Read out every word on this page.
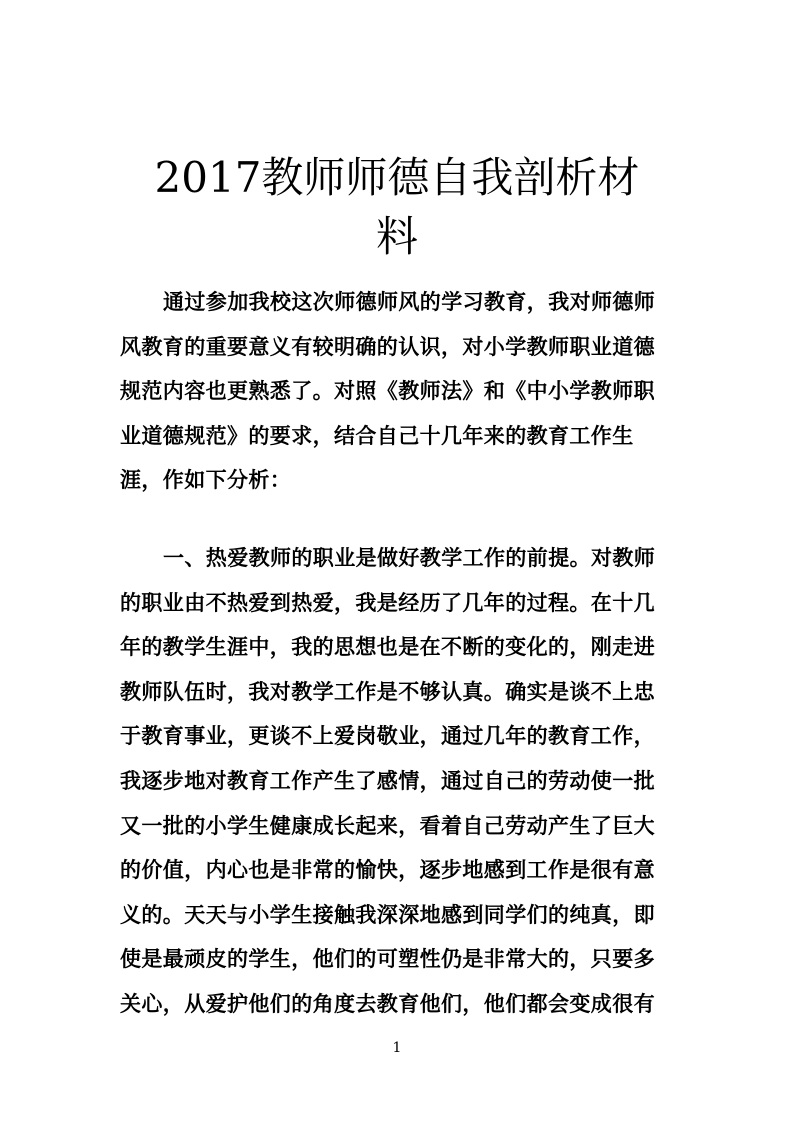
2017教师师德自我剖析材
料
通过参加我校这次师德师风的学习教育，我对师德师
风教育的重要意义有较明确的认识，对小学教师职业道德
规范内容也更熟悉了。对照《教师法》和《中小学教师职
业道德规范》的要求，结合自己十几年来的教育工作生
涯，作如下分析：
一、热爱教师的职业是做好教学工作的前提。对教师
的职业由不热爱到热爱，我是经历了几年的过程。在十几
年的教学生涯中，我的思想也是在不断的变化的，刚走进
教师队伍时，我对教学工作是不够认真。确实是谈不上忠
于教育事业，更谈不上爱岗敬业，通过几年的教育工作，
我逐步地对教育工作产生了感情，通过自己的劳动使一批
又一批的小学生健康成长起来，看着自己劳动产生了巨大
的价值，内心也是非常的愉快，逐步地感到工作是很有意
义的。天天与小学生接触我深深地感到同学们的纯真，即
使是最顽皮的学生，他们的可塑性仍是非常大的，只要多
关心，从爱护他们的角度去教育他们，他们都会变成很有
1
